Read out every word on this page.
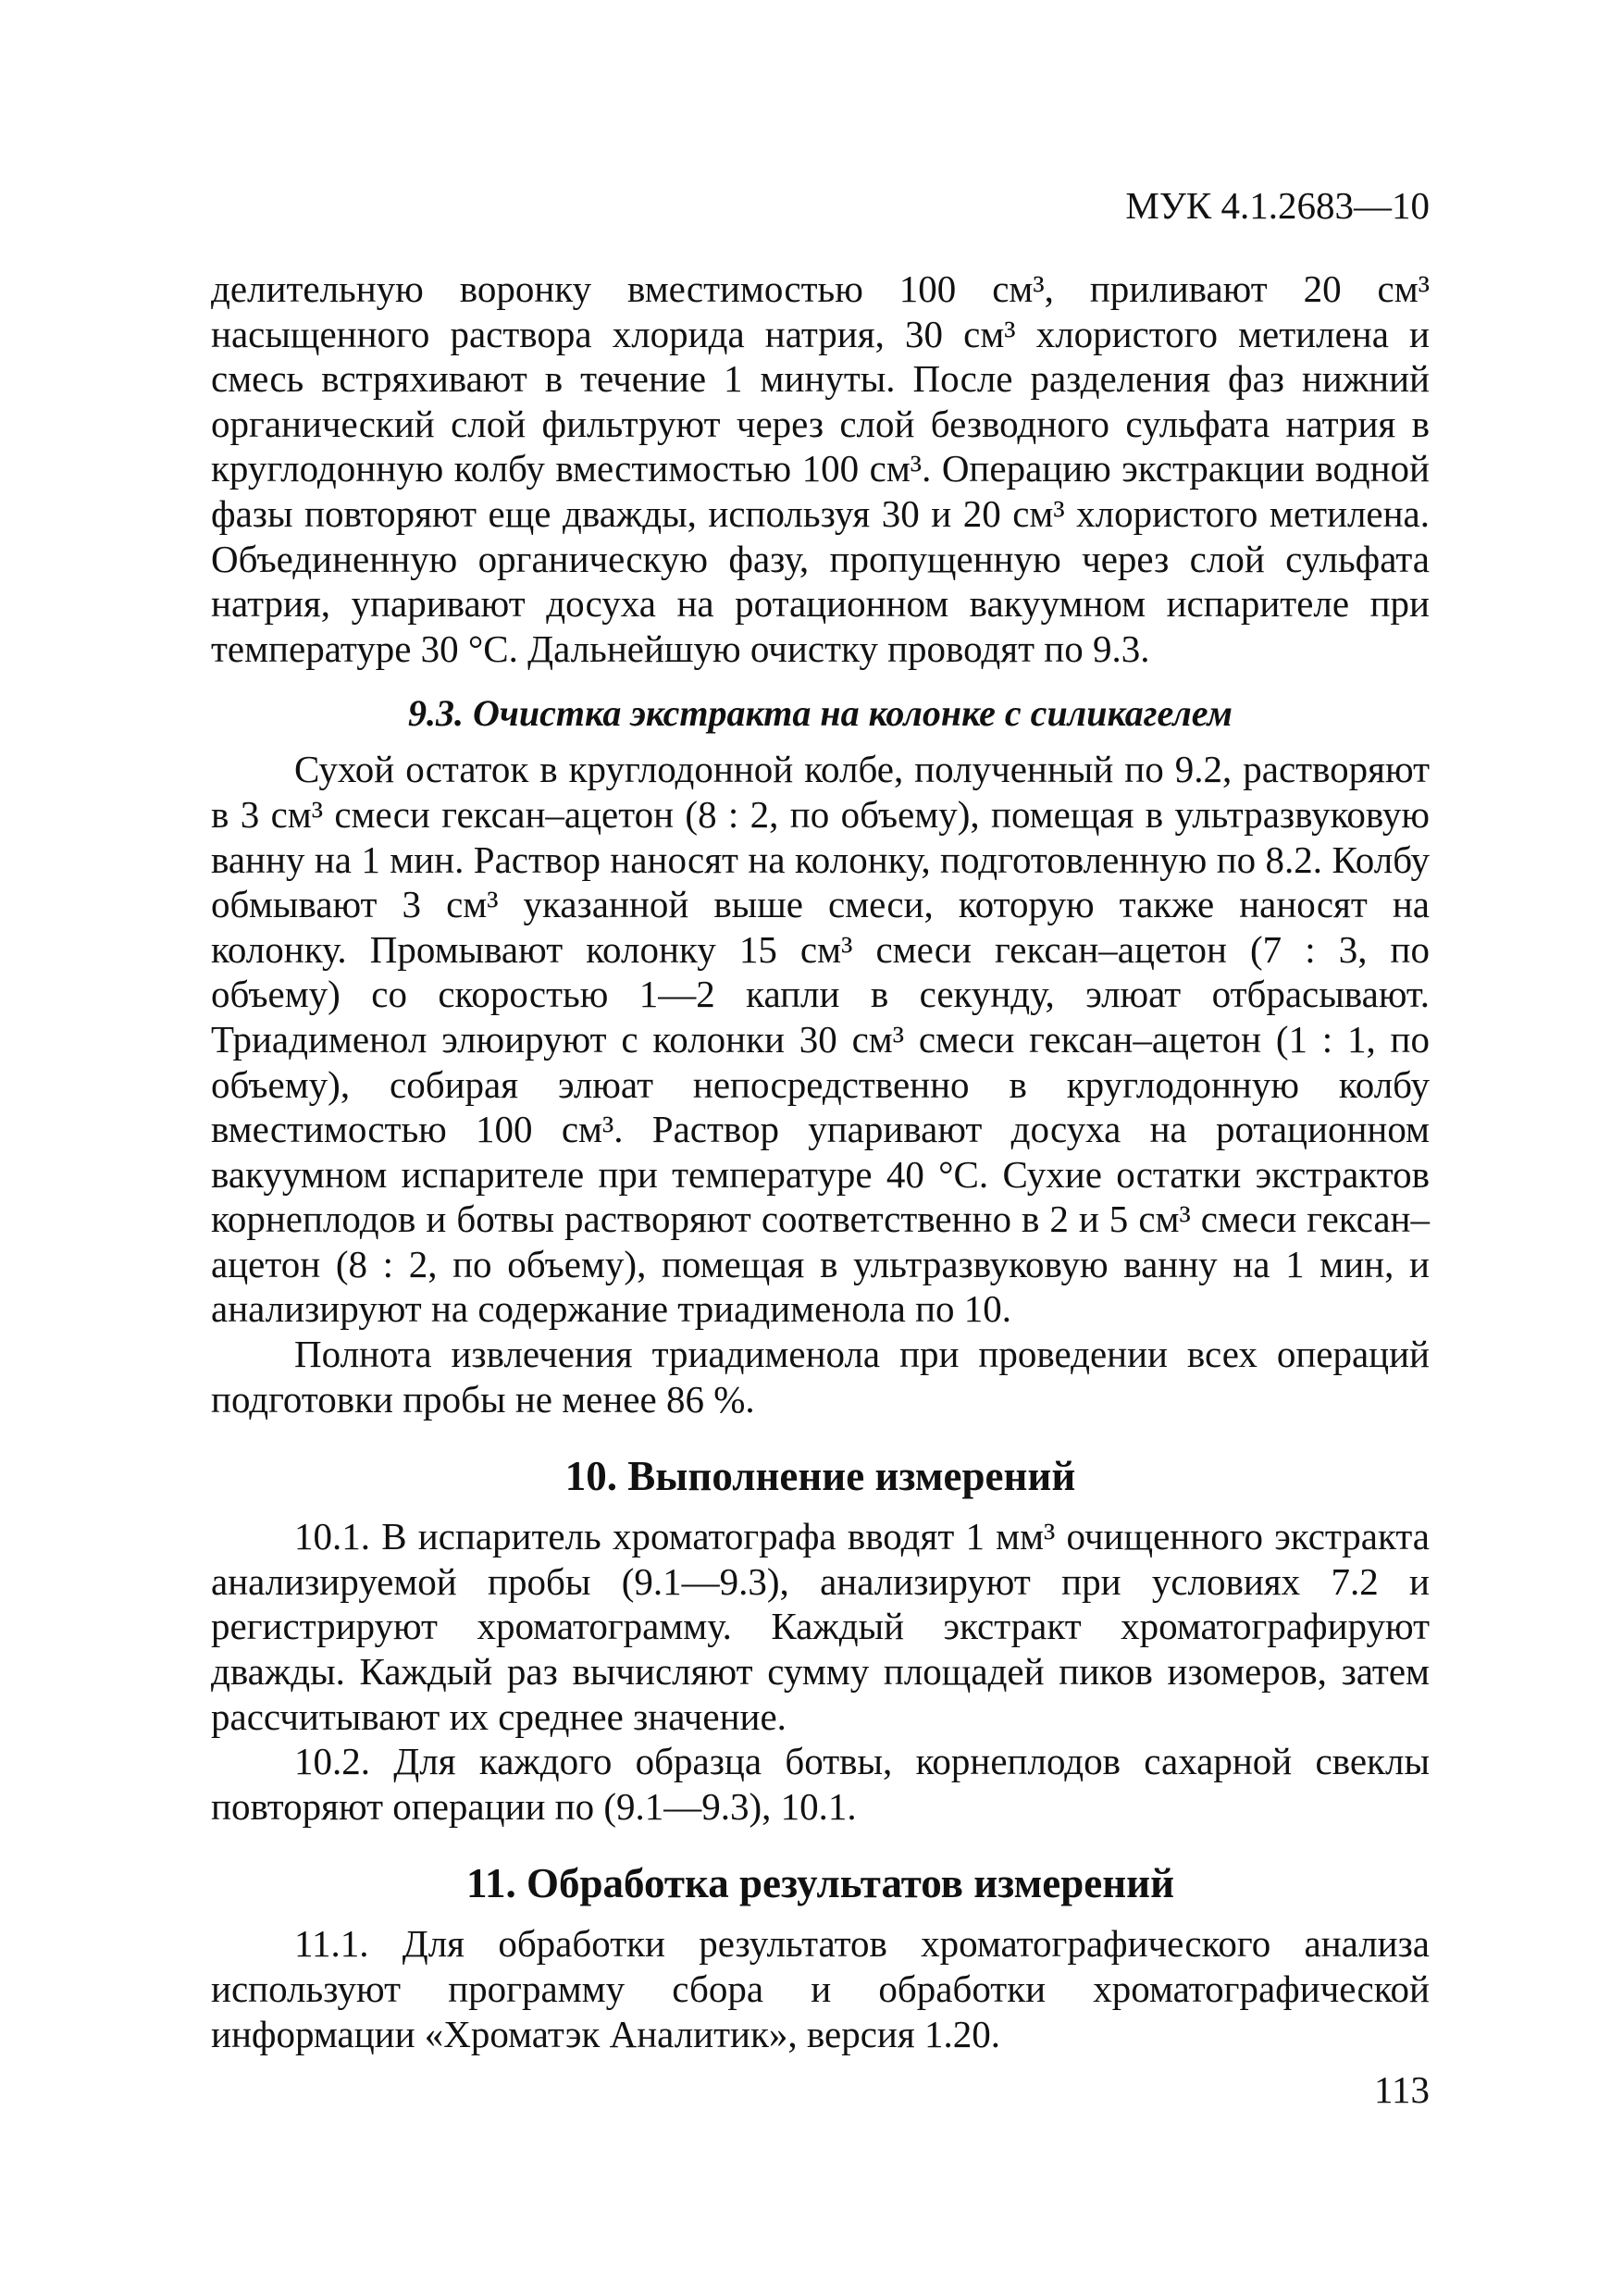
МУК 4.1.2683—10

делительную воронку вместимостью 100 см³, приливают 20 см³ насыщенного раствора хлорида натрия, 30 см³ хлористого метилена и смесь встряхивают в течение 1 минуты. После разделения фаз нижний органический слой фильтруют через слой безводного сульфата натрия в круглодонную колбу вместимостью 100 см³. Операцию экстракции водной фазы повторяют еще дважды, используя 30 и 20 см³ хлористого метилена. Объединенную органическую фазу, пропущенную через слой сульфата натрия, упаривают досуха на ротационном вакуумном испарителе при температуре 30 °С. Дальнейшую очистку проводят по 9.3.

9.3. Очистка экстракта на колонке с силикагелем

Сухой остаток в круглодонной колбе, полученный по 9.2, растворяют в 3 см³ смеси гексан–ацетон (8 : 2, по объему), помещая в ультразвуковую ванну на 1 мин. Раствор наносят на колонку, подготовленную по 8.2. Колбу обмывают 3 см³ указанной выше смеси, которую также наносят на колонку. Промывают колонку 15 см³ смеси гексан–ацетон (7 : 3, по объему) со скоростью 1—2 капли в секунду, элюат отбрасывают. Триадименол элюируют с колонки 30 см³ смеси гексан–ацетон (1 : 1, по объему), собирая элюат непосредственно в круглодонную колбу вместимостью 100 см³. Раствор упаривают досуха на ротационном вакуумном испарителе при температуре 40 °С. Сухие остатки экстрактов корнеплодов и ботвы растворяют соответственно в 2 и 5 см³ смеси гексан–ацетон (8 : 2, по объему), помещая в ультразвуковую ванну на 1 мин, и анализируют на содержание триадименола по 10.

Полнота извлечения триадименола при проведении всех операций подготовки пробы не менее 86 %.

10. Выполнение измерений

10.1. В испаритель хроматографа вводят 1 мм³ очищенного экстракта анализируемой пробы (9.1—9.3), анализируют при условиях 7.2 и регистрируют хроматограмму. Каждый экстракт хроматографируют дважды. Каждый раз вычисляют сумму площадей пиков изомеров, затем рассчитывают их среднее значение.

10.2. Для каждого образца ботвы, корнеплодов сахарной свеклы повторяют операции по (9.1—9.3), 10.1.

11. Обработка результатов измерений

11.1. Для обработки результатов хроматографического анализа используют программу сбора и обработки хроматографической информации «Хроматэк Аналитик», версия 1.20.

113
